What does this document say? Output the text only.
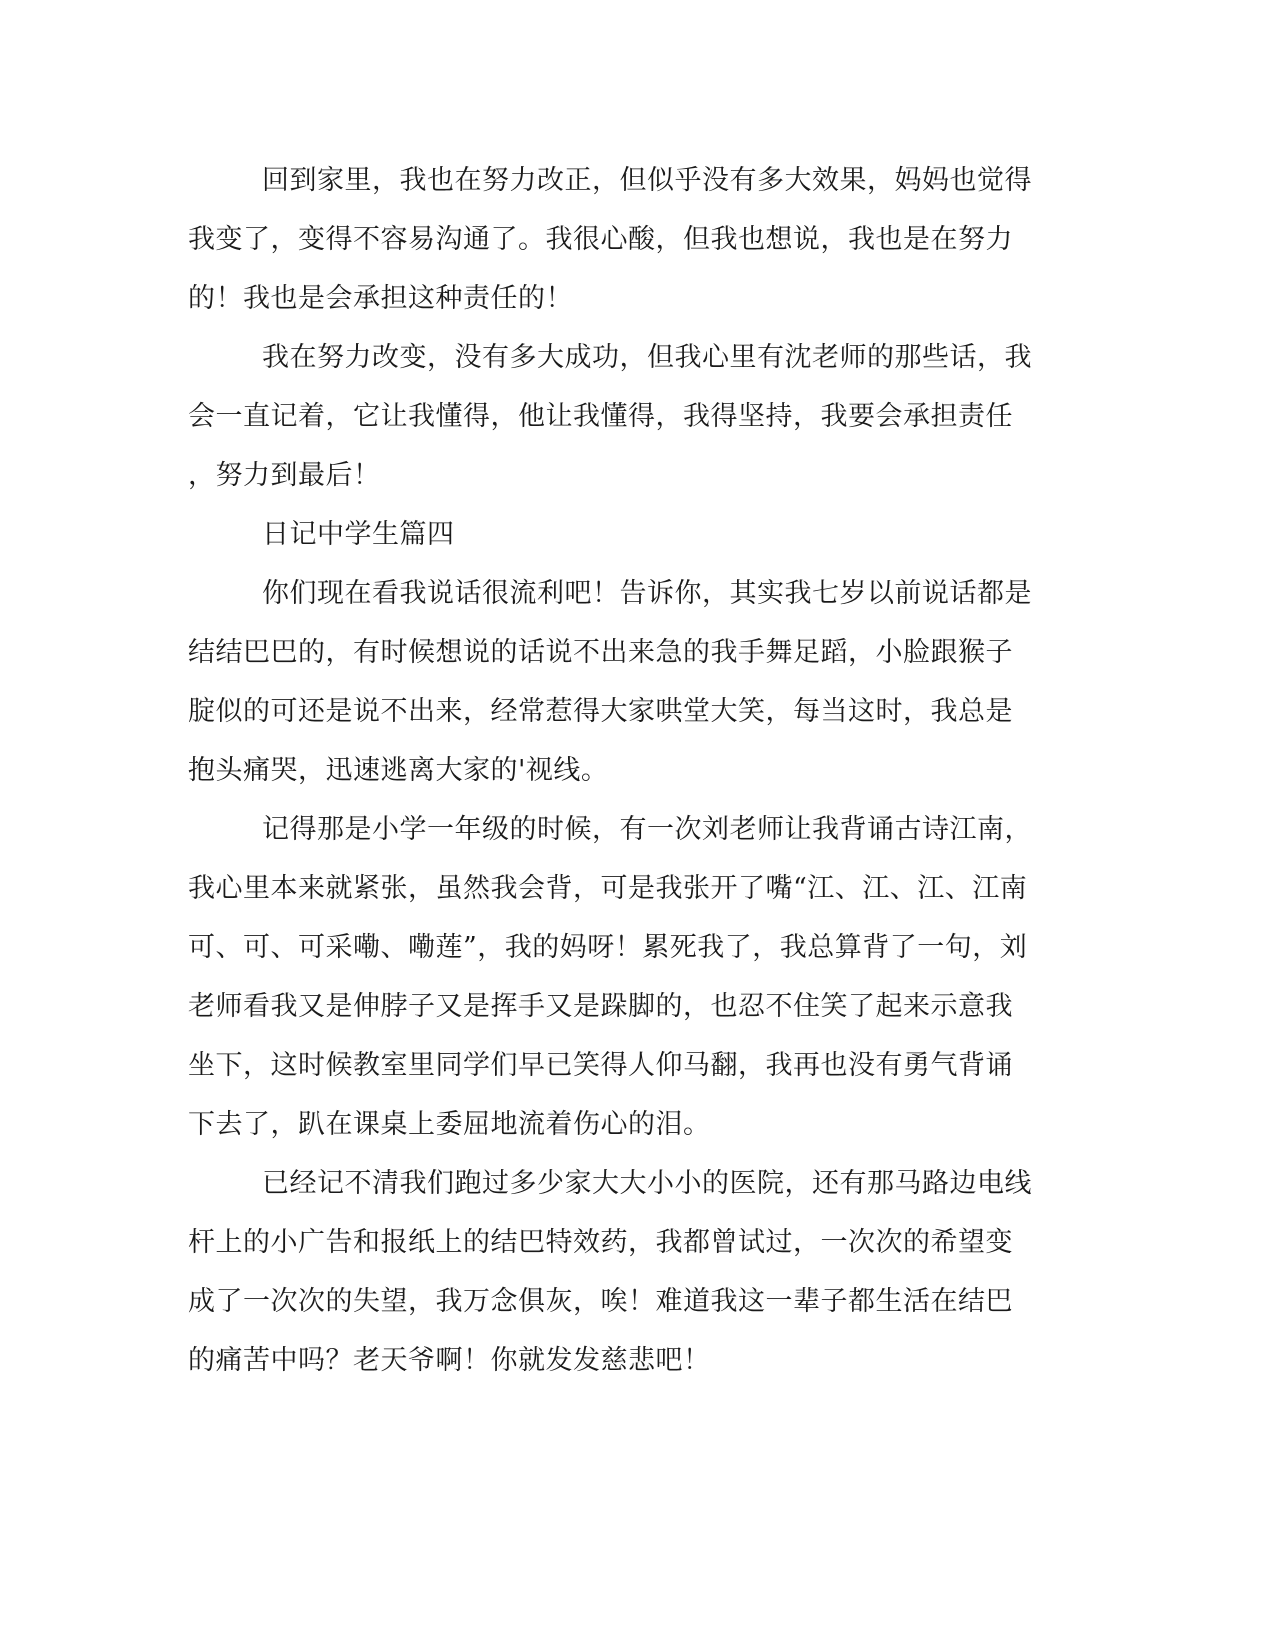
回到家里，我也在努力改正，但似乎没有多大效果，妈妈也觉得

我变了，变得不容易沟通了。我很心酸，但我也想说，我也是在努力

的！我也是会承担这种责任的！

我在努力改变，没有多大成功，但我心里有沈老师的那些话，我

会一直记着，它让我懂得，他让我懂得，我得坚持，我要会承担责任

，努力到最后！

日记中学生篇四

你们现在看我说话很流利吧！告诉你，其实我七岁以前说话都是

结结巴巴的，有时候想说的话说不出来急的我手舞足蹈，小脸跟猴子

腚似的可还是说不出来，经常惹得大家哄堂大笑，每当这时，我总是

抱头痛哭，迅速逃离大家的'视线。

记得那是小学一年级的时候，有一次刘老师让我背诵古诗江南，

我心里本来就紧张，虽然我会背，可是我张开了嘴“江、江、江、江南

可、可、可采嘞、嘞莲”，我的妈呀！累死我了，我总算背了一句，刘

老师看我又是伸脖子又是挥手又是跺脚的，也忍不住笑了起来示意我

坐下，这时候教室里同学们早已笑得人仰马翻，我再也没有勇气背诵

下去了，趴在课桌上委屈地流着伤心的泪。

已经记不清我们跑过多少家大大小小的医院，还有那马路边电线

杆上的小广告和报纸上的结巴特效药，我都曾试过，一次次的希望变

成了一次次的失望，我万念俱灰，唉！难道我这一辈子都生活在结巴

的痛苦中吗？老天爷啊！你就发发慈悲吧！
